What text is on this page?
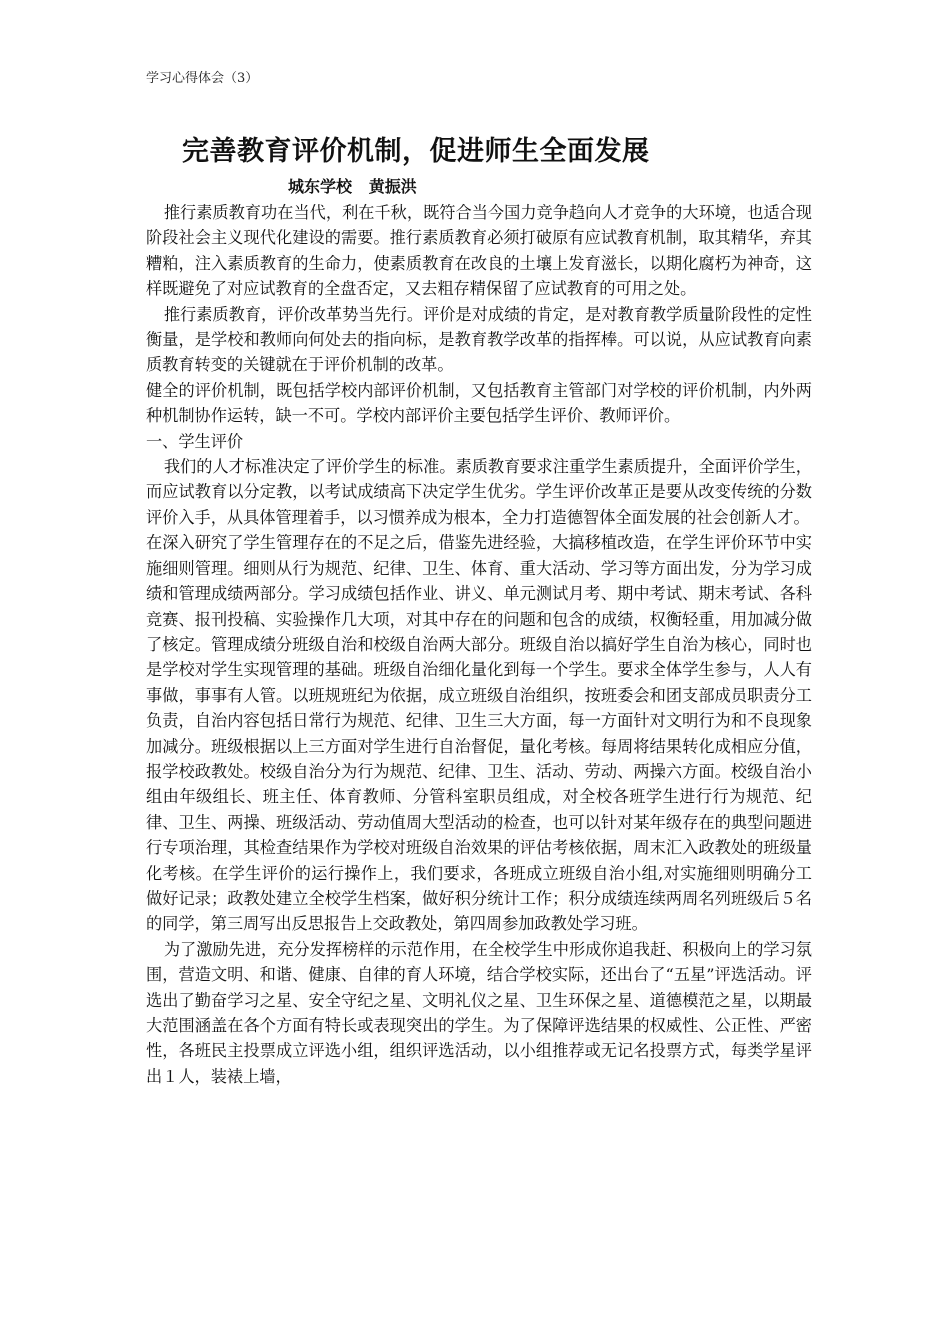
学习心得体会（3）
完善教育评价机制，促进师生全面发展
城东学校   黄振洪

推行素质教育功在当代，利在千秋，既符合当今国力竞争趋向人才竞争的大环境，也适合现阶段社会主义现代化建设的需要。推行素质教育必须打破原有应试教育机制，取其精华，弃其糟粕，注入素质教育的生命力，使素质教育在改良的土壤上发育滋长，以期化腐朽为神奇，这样既避免了对应试教育的全盘否定，又去粗存精保留了应试教育的可用之处。

推行素质教育，评价改革势当先行。评价是对成绩的肯定，是对教育教学质量阶段性的定性衡量，是学校和教师向何处去的指向标，是教育教学改革的指挥棒。可以说，从应试教育向素质教育转变的关键就在于评价机制的改革。

健全的评价机制，既包括学校内部评价机制，又包括教育主管部门对学校的评价机制，内外两种机制协作运转，缺一不可。学校内部评价主要包括学生评价、教师评价。

一、学生评价

我们的人才标准决定了评价学生的标准。素质教育要求注重学生素质提升，全面评价学生，而应试教育以分定教，以考试成绩高下决定学生优劣。学生评价改革正是要从改变传统的分数评价入手，从具体管理着手，以习惯养成为根本，全力打造德智体全面发展的社会创新人才。

在深入研究了学生管理存在的不足之后，借鉴先进经验，大搞移植改造，在学生评价环节中实施细则管理。细则从行为规范、纪律、卫生、体育、重大活动、学习等方面出发，分为学习成绩和管理成绩两部分。学习成绩包括作业、讲义、单元测试月考、期中考试、期末考试、各科竞赛、报刊投稿、实验操作几大项，对其中存在的问题和包含的成绩，权衡轻重，用加减分做了核定。管理成绩分班级自治和校级自治两大部分。班级自治以搞好学生自治为核心，同时也是学校对学生实现管理的基础。班级自治细化量化到每一个学生。要求全体学生参与，人人有事做，事事有人管。以班规班纪为依据，成立班级自治组织，按班委会和团支部成员职责分工负责，自治内容包括日常行为规范、纪律、卫生三大方面，每一方面针对文明行为和不良现象加减分。班级根据以上三方面对学生进行自治督促，量化考核。每周将结果转化成相应分值，报学校政教处。校级自治分为行为规范、纪律、卫生、活动、劳动、两操六方面。校级自治小组由年级组长、班主任、体育教师、分管科室职员组成，对全校各班学生进行行为规范、纪律、卫生、两操、班级活动、劳动值周大型活动的检查，也可以针对某年级存在的典型问题进行专项治理，其检查结果作为学校对班级自治效果的评估考核依据，周末汇入政教处的班级量化考核。在学生评价的运行操作上，我们要求，各班成立班级自治小组,对实施细则明确分工做好记录；政教处建立全校学生档案，做好积分统计工作；积分成绩连续两周名列班级后５名的同学，第三周写出反思报告上交政教处，第四周参加政教处学习班。

为了激励先进，充分发挥榜样的示范作用，在全校学生中形成你追我赶、积极向上的学习氛围，营造文明、和谐、健康、自律的育人环境，结合学校实际，还出台了“五星”评选活动。评选出了勤奋学习之星、安全守纪之星、文明礼仪之星、卫生环保之星、道德模范之星，以期最大范围涵盖在各个方面有特长或表现突出的学生。为了保障评选结果的权威性、公正性、严密性，各班民主投票成立评选小组，组织评选活动，以小组推荐或无记名投票方式，每类学星评出１人，装裱上墙，
